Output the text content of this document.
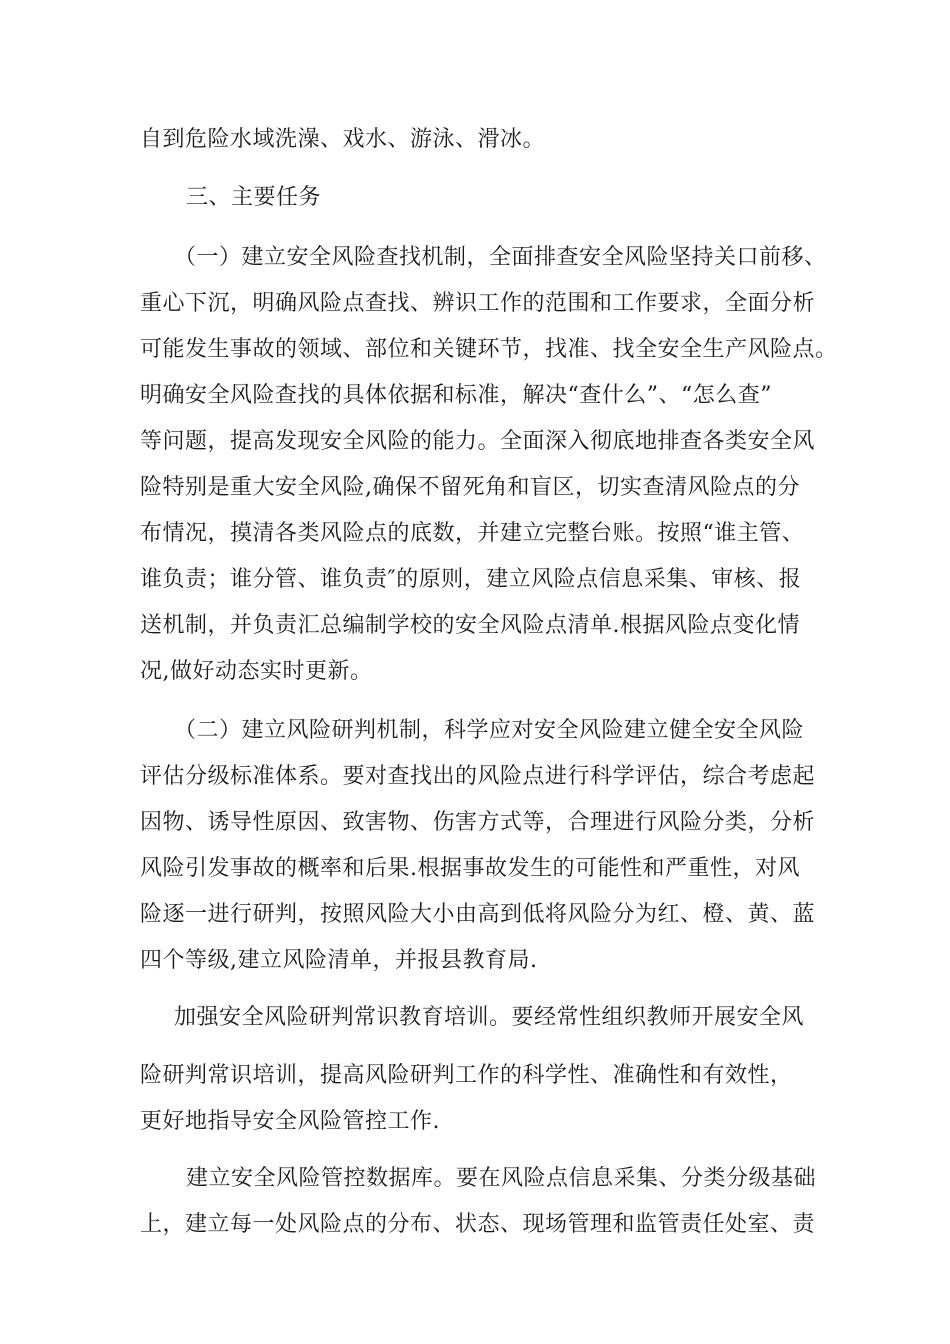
自到危险水域洗澡、戏水、游泳、滑冰。
三、主要任务
（一）建立安全风险查找机制，全面排查安全风险坚持关口前移、
重心下沉，明确风险点查找、辨识工作的范围和工作要求，全面分析
可能发生事故的领域、部位和关键环节，找准、找全安全生产风险点。
明确安全风险查找的具体依据和标准，解决“查什么”、“怎么查”
等问题，提高发现安全风险的能力。全面深入彻底地排查各类安全风
险特别是重大安全风险,确保不留死角和盲区，切实查清风险点的分
布情况，摸清各类风险点的底数，并建立完整台账。按照“谁主管、
谁负责；谁分管、谁负责″的原则，建立风险点信息采集、审核、报
送机制，并负责汇总编制学校的安全风险点清单.根据风险点变化情
况,做好动态实时更新。
（二）建立风险研判机制，科学应对安全风险建立健全安全风险
评估分级标准体系。要对查找出的风险点进行科学评估，综合考虑起
因物、诱导性原因、致害物、伤害方式等，合理进行风险分类，分析
风险引发事故的概率和后果.根据事故发生的可能性和严重性，对风
险逐一进行研判，按照风险大小由高到低将风险分为红、橙、黄、蓝
四个等级,建立风险清单，并报县教育局.
加强安全风险研判常识教育培训。要经常性组织教师开展安全风
险研判常识培训，提高风险研判工作的科学性、准确性和有效性，
更好地指导安全风险管控工作.
建立安全风险管控数据库。要在风险点信息采集、分类分级基础
上，建立每一处风险点的分布、状态、现场管理和监管责任处室、责
